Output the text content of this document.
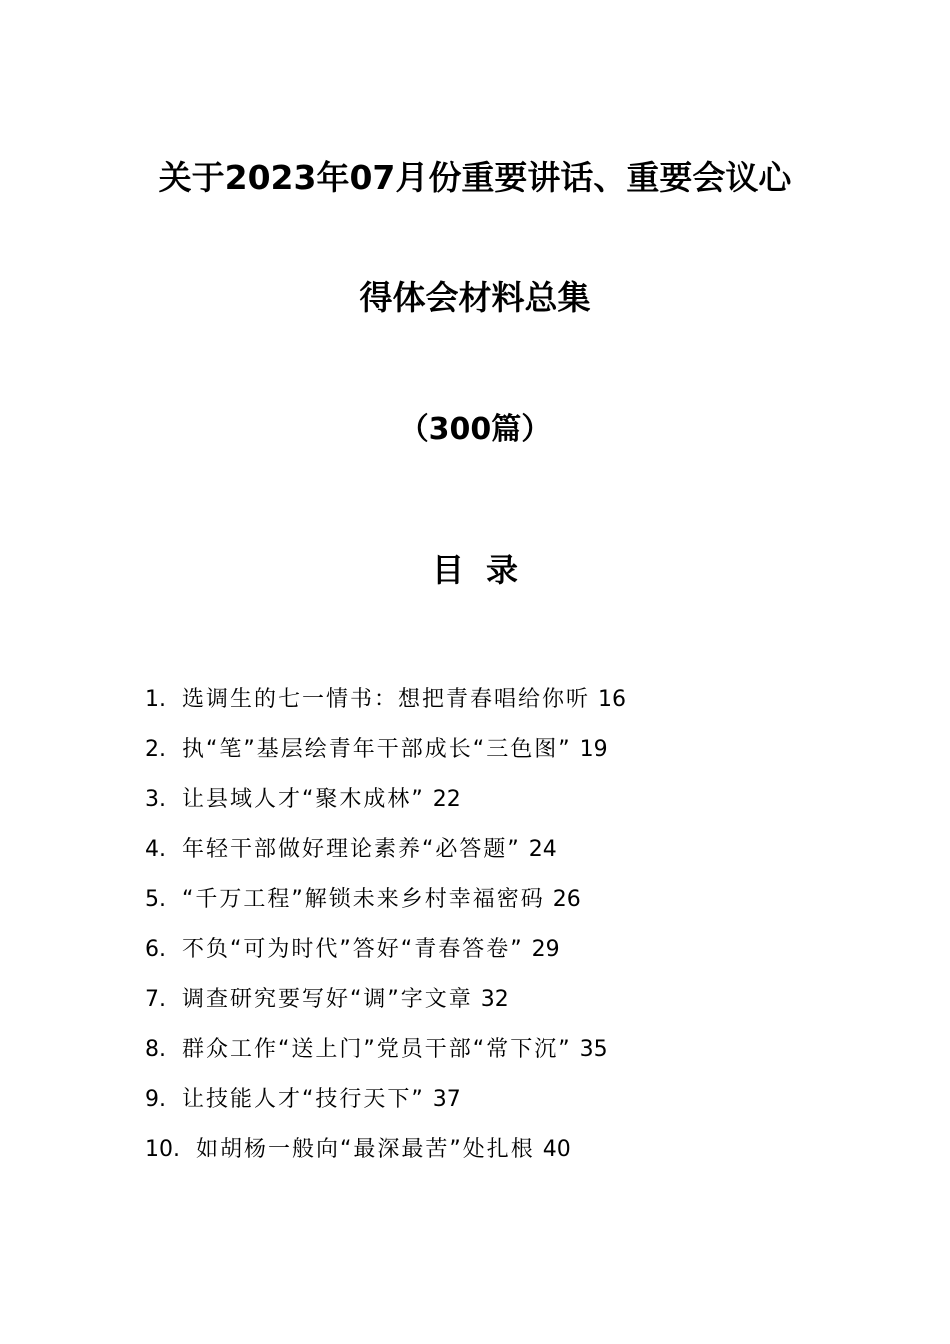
关于2023年07月份重要讲话、重要会议心
得体会材料总集
（300篇）
目录
1. 选调生的七一情书：想把青春唱给你听 16
2. 执“笔”基层绘青年干部成长“三色图” 19
3. 让县域人才“聚木成林” 22
4. 年轻干部做好理论素养“必答题” 24
5. “千万工程”解锁未来乡村幸福密码 26
6. 不负“可为时代”答好“青春答卷” 29
7. 调查研究要写好“调”字文章 32
8. 群众工作“送上门”党员干部“常下沉” 35
9. 让技能人才“技行天下” 37
10. 如胡杨一般向“最深最苦”处扎根 40
